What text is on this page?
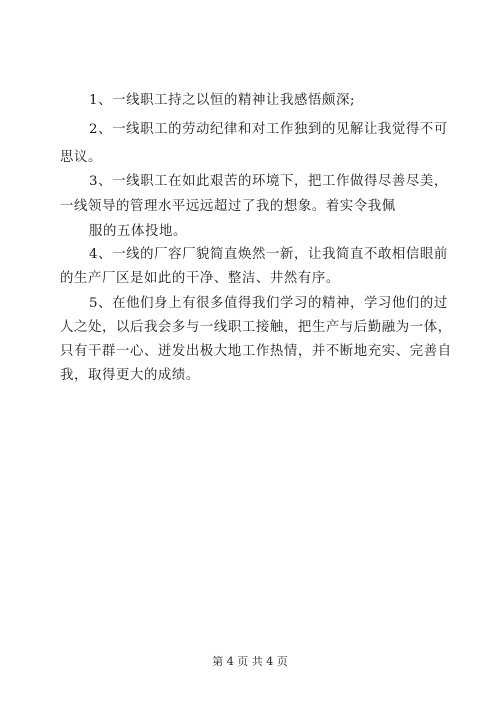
1、一线职工持之以恒的精神让我感悟颇深;
2、一线职工的劳动纪律和对工作独到的见解让我觉得不可
思议。
3、一线职工在如此艰苦的环境下，把工作做得尽善尽美，
一线领导的管理水平远远超过了我的想象。着实令我佩
服的五体投地。
4、一线的厂容厂貌简直焕然一新，让我简直不敢相信眼前
的生产厂区是如此的干净、整洁、井然有序。
5、在他们身上有很多值得我们学习的精神，学习他们的过
人之处，以后我会多与一线职工接触，把生产与后勤融为一体，
只有干群一心、迸发出极大地工作热情，并不断地充实、完善自
我，取得更大的成绩。
第 4 页 共 4 页
